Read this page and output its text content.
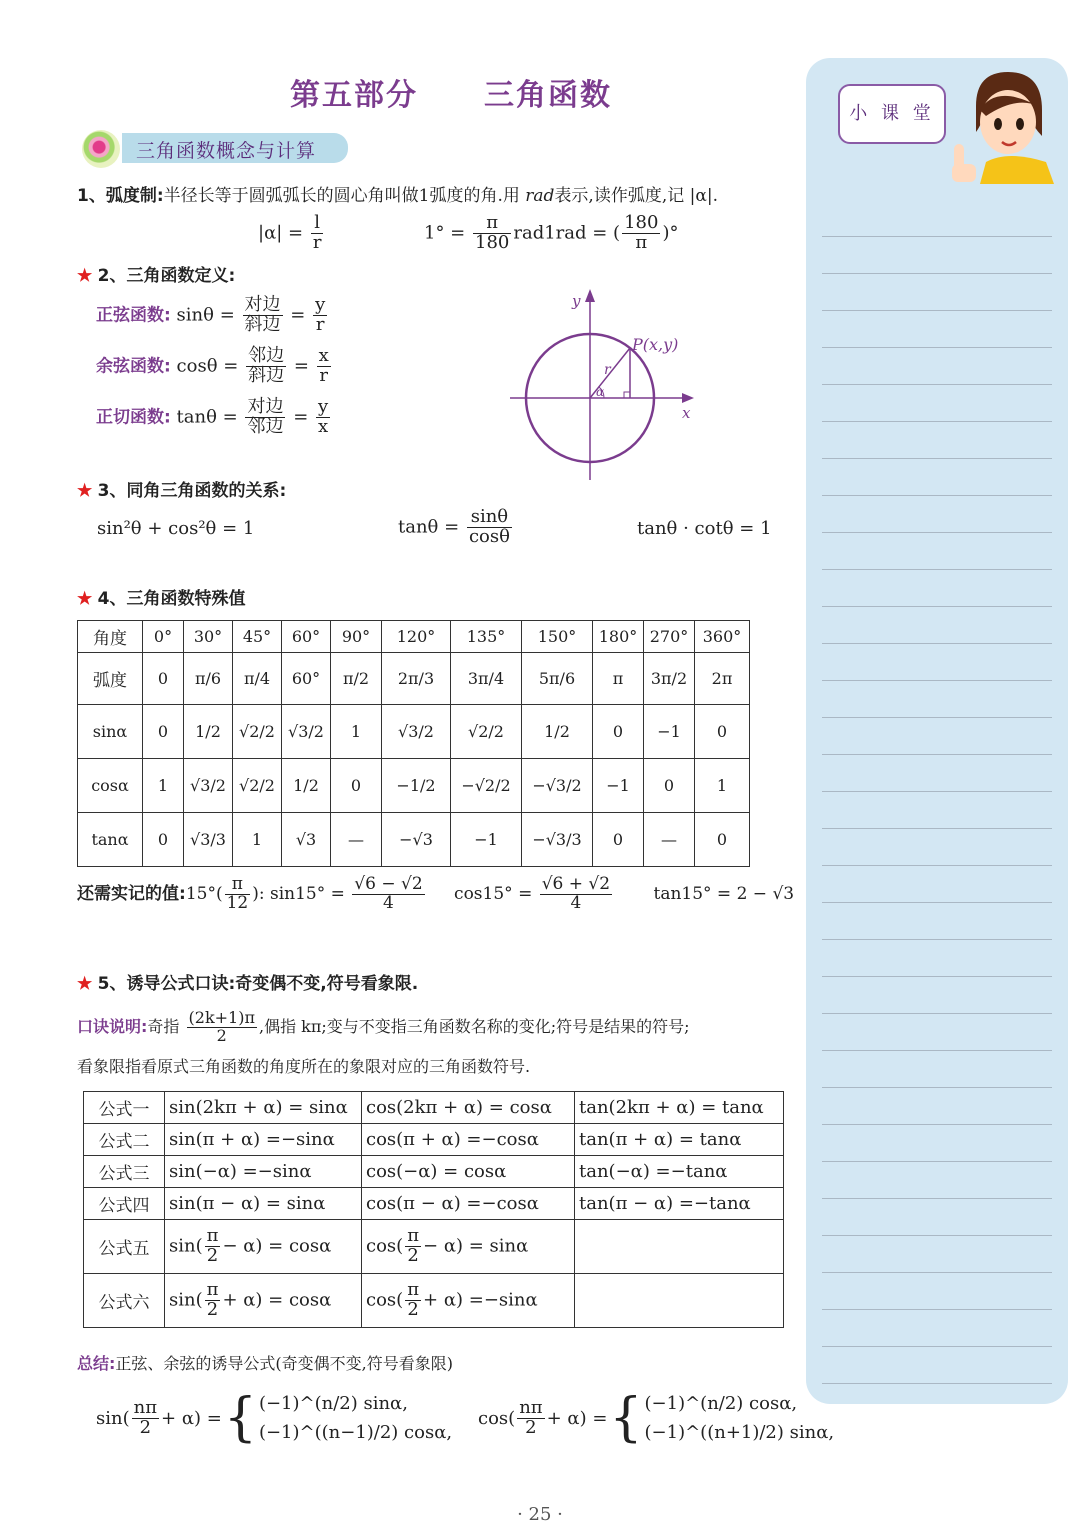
第五部分 三角函数
三角函数概念与计算
小 课 堂
1、弧度制:半径长等于圆弧弧长的圆心角叫做1弧度的角.用 rad表示,读作弧度,记 |α|.
$|\alpha| = \frac{l}{r}$	$1^\circ = \frac{\pi}{180} rad1rad$ = ( $\frac{180}{\pi}$ )°
★ 2、三角函数定义:
正弦函数: $\sin\theta = \frac{\text{对边}}{\text{斜边}} = \frac{y}{r}$
余弦函数: $\cos\theta = \frac{\text{邻边}}{\text{斜边}} = \frac{x}{r}$
正切函数: $\tan\theta = \frac{\text{对边}}{\text{邻边}} = \frac{y}{x}$
y
x
P(x,y)
r
α
★ 3、同角三角函数的关系:
sin²θ + cos²θ = 1	$\tan\theta = \frac{\sin\theta}{\cos\theta}$	tanθ · cotθ = 1
★ 4、三角函数特殊值
角度	0°	30°	45°	60°	90°	120°	135°	150°	180°	270°	360°
弧度	0	π/6	π/4	60°	π/2	2π/3	3π/4	5π/6	π	3π/2	2π
sinα	0	1/2	√2/2	√3/2	1	√3/2	√2/2	1/2	0	−1	0
cosα	1	√3/2	√2/2	1/2	0	−1/2	−√2/2	−√3/2	−1	0	1
tanα	0	√3/3	1	√3	—	−√3	−1	−√3/3	0	—	0
还需实记的值:15°( $\frac{\pi}{12}$ ): $\sin 15^\circ = \frac{√6 - √2}{4} \cos 15^\circ = \frac{√6 + √2}{4} \tan 15^\circ = 2 - √3$
★ 5、诱导公式口诀:奇变偶不变,符号看象限.
口诀说明:奇指 $\frac{(2k+1)\pi}{2}$ ,偶指 kπ;变与不变指三角函数名称的变化;符号是结果的符号;
看象限指看原式三角函数的角度所在的象限对应的三角函数符号.
公式一	sin(2kπ + α) = sinα	cos(2kπ + α) = cosα	tan(2kπ + α) = tanα
公式二	sin(π + α) =−sinα	cos(π + α) =−cosα	tan(π + α) = tanα
公式三	sin(−α) =−sinα	cos(−α) = cosα	tan(−α) =−tanα
公式四	sin(π − α) = sinα	cos(π − α) =−cosα	tan(π − α) =−tanα
公式五	$\sin( \frac{\pi}{2} - \alpha) = \cos\alpha$	$\cos( \frac{\pi}{2} - \alpha) = \sin\alpha$	
公式六	$\sin( \frac{\pi}{2} + \alpha) = \cos\alpha$	$\cos( \frac{\pi}{2} + \alpha) =-\sin\alpha$	
总结:正弦、余弦的诱导公式(奇变偶不变,符号看象限)
$\sin( \frac{n\pi}{2} + \alpha)$ = { (−1)^(n/2) sinα,
(−1)^((n−1)/2) cosα,
$\cos( \frac{n\pi}{2} + \alpha)$ = { (−1)^(n/2) cosα,
(−1)^((n+1)/2) sinα,
· 25 ·
